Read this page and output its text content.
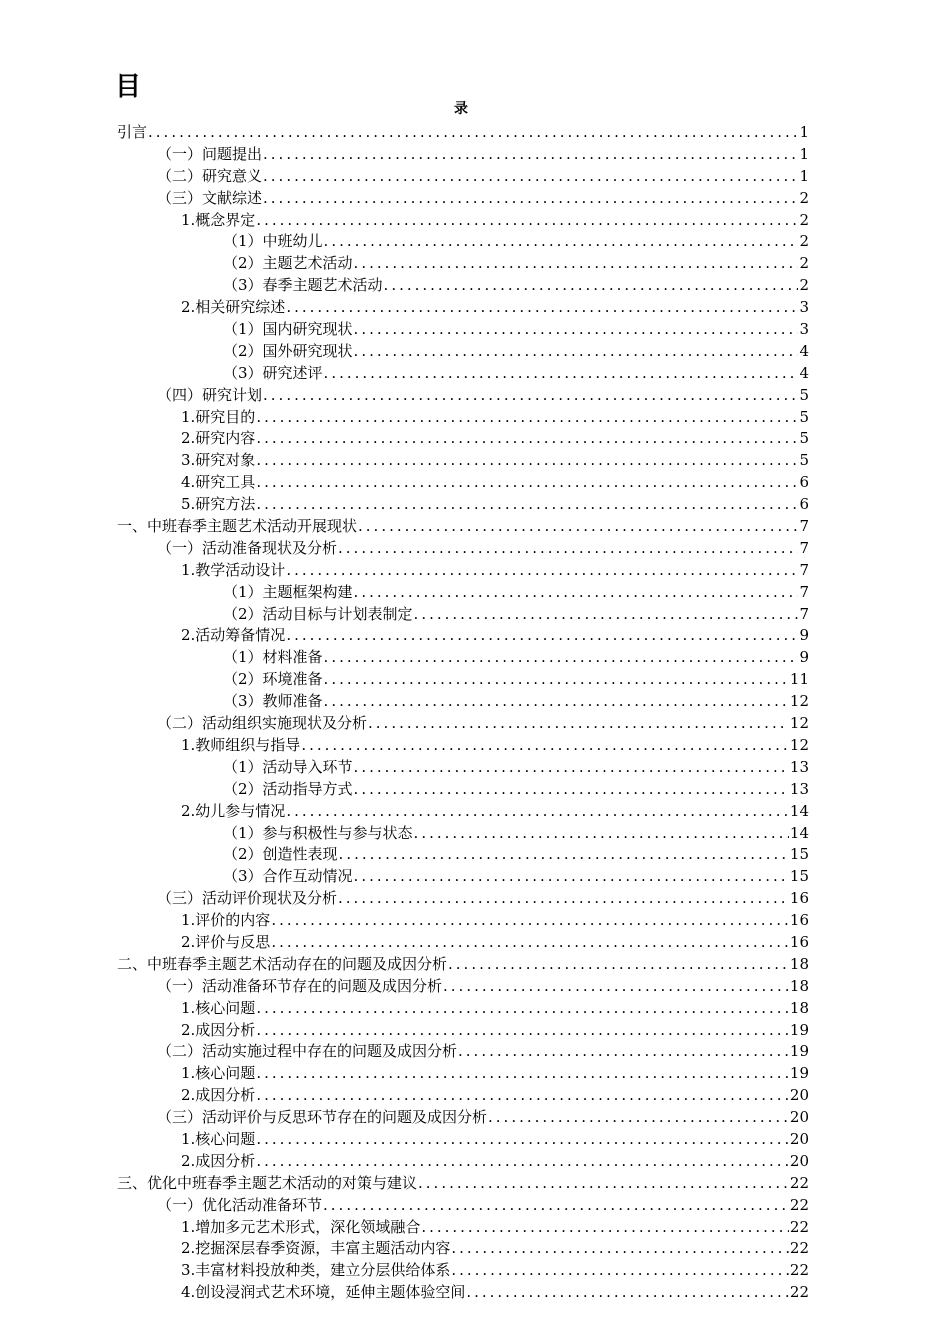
目
录
引言 .....	1
（一）问题提出 .....	1
（二）研究意义 .....	1
（三）文献综述 .....	2
1.概念界定 .....	2
（1）中班幼儿 .....	2
（2）主题艺术活动 .....	2
（3）春季主题艺术活动 .....	2
2.相关研究综述 .....	3
（1）国内研究现状 .....	3
（2）国外研究现状 .....	4
（3）研究述评 .....	4
（四）研究计划 .....	5
1.研究目的 .....	5
2.研究内容 .....	5
3.研究对象 .....	5
4.研究工具 .....	6
5.研究方法 .....	6
一、中班春季主题艺术活动开展现状 .....	7
（一）活动准备现状及分析 .....	7
1.教学活动设计 .....	7
（1）主题框架构建 .....	7
（2）活动目标与计划表制定 .....	7
2.活动筹备情况 .....	9
（1）材料准备 .....	9
（2）环境准备 .....	11
（3）教师准备 .....	12
（二）活动组织实施现状及分析 .....	12
1.教师组织与指导 .....	12
（1）活动导入环节 .....	13
（2）活动指导方式 .....	13
2.幼儿参与情况 .....	14
（1）参与积极性与参与状态 .....	14
（2）创造性表现 .....	15
（3）合作互动情况 .....	15
（三）活动评价现状及分析 .....	16
1.评价的内容 .....	16
2.评价与反思 .....	16
二、中班春季主题艺术活动存在的问题及成因分析 .....	18
（一）活动准备环节存在的问题及成因分析 .....	18
1.核心问题 .....	18
2.成因分析 .....	19
（二）活动实施过程中存在的问题及成因分析 .....	19
1.核心问题 .....	19
2.成因分析 .....	20
（三）活动评价与反思环节存在的问题及成因分析 .....	20
1.核心问题 .....	20
2.成因分析 .....	20
三、优化中班春季主题艺术活动的对策与建议 .....	22
（一）优化活动准备环节 .....	22
1.增加多元艺术形式，深化领域融合 .....	22
2.挖掘深层春季资源，丰富主题活动内容 .....	22
3.丰富材料投放种类，建立分层供给体系 .....	22
4.创设浸润式艺术环境，延伸主题体验空间 .....	22
